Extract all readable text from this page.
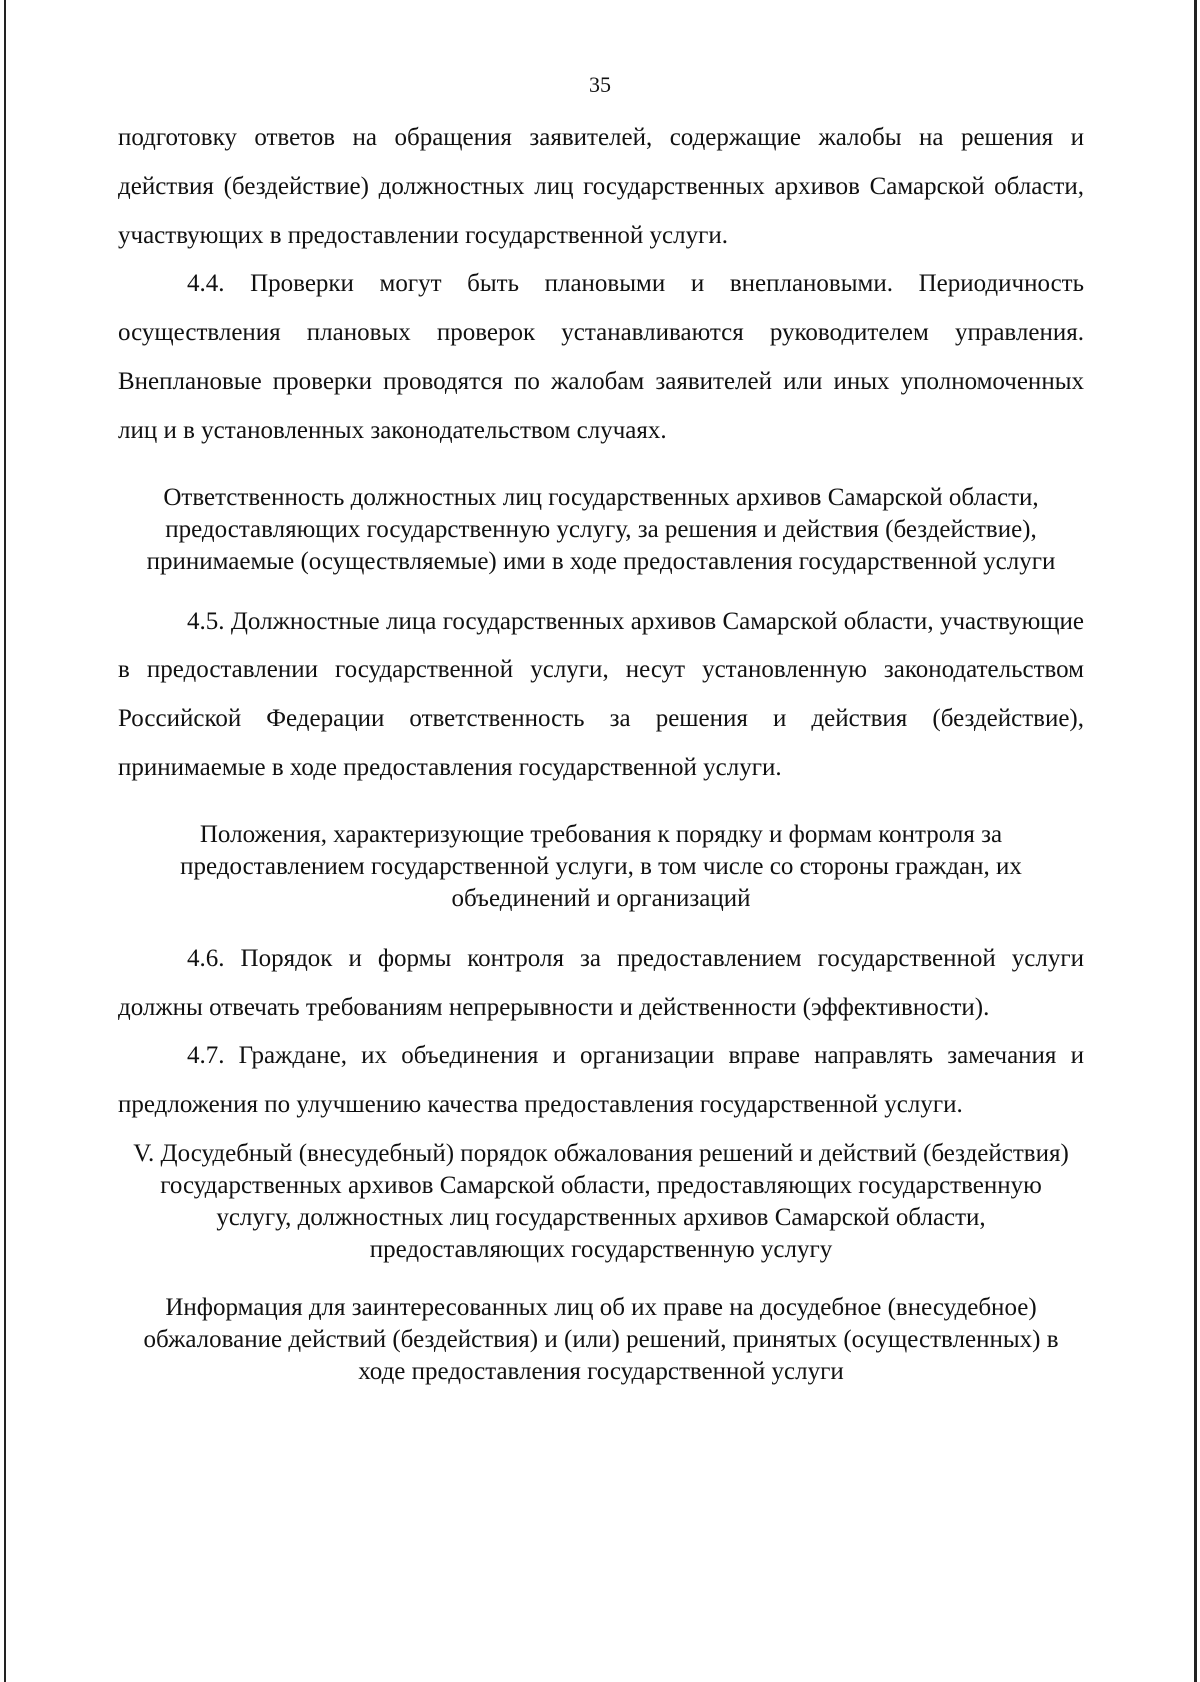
35

подготовку ответов на обращения заявителей, содержащие жалобы на решения и действия (бездействие) должностных лиц государственных архивов Самарской области, участвующих в предоставлении государственной услуги.

4.4. Проверки могут быть плановыми и внеплановыми. Периодичность осуществления плановых проверок устанавливаются руководителем управления. Внеплановые проверки проводятся по жалобам заявителей или иных уполномоченных лиц и в установленных законодательством случаях.

Ответственность должностных лиц государственных архивов Самарской области, предоставляющих государственную услугу, за решения и действия (бездействие), принимаемые (осуществляемые) ими в ходе предоставления государственной услуги

4.5. Должностные лица государственных архивов Самарской области, участвующие в предоставлении государственной услуги, несут установленную законодательством Российской Федерации ответственность за решения и действия (бездействие), принимаемые в ходе предоставления государственной услуги.

Положения, характеризующие требования к порядку и формам контроля за предоставлением государственной услуги, в том числе со стороны граждан, их объединений и организаций

4.6. Порядок и формы контроля за предоставлением государственной услуги должны отвечать требованиям непрерывности и действенности (эффективности).

4.7. Граждане, их объединения и организации вправе направлять замечания и предложения по улучшению качества предоставления государственной услуги.

V. Досудебный (внесудебный) порядок обжалования решений и действий (бездействия) государственных архивов Самарской области, предоставляющих государственную услугу, должностных лиц государственных архивов Самарской области, предоставляющих государственную услугу

Информация для заинтересованных лиц об их праве на досудебное (внесудебное) обжалование действий (бездействия) и (или) решений, принятых (осуществленных) в ходе предоставления государственной услуги
